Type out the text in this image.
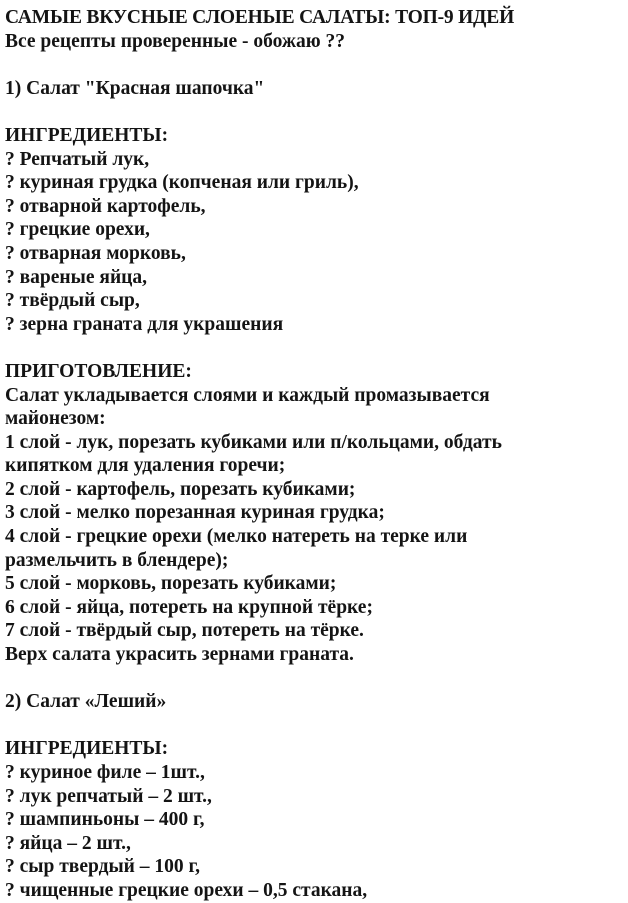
САМЫЕ ВКУСНЫЕ СЛОЕНЫЕ САЛАТЫ: ТОП-9 ИДЕЙ
Все рецепты проверенные - обожаю ??
1) Салат "Красная шапочка"
ИНГРЕДИЕНТЫ:
? Репчатый лук,
? куриная грудка (копченая или гриль),
? отварной картофель,
? грецкие орехи,
? отварная морковь,
? вареные яйца,
? твёрдый сыр,
? зерна граната для украшения
ПРИГОТОВЛЕНИЕ:
Салат укладывается слоями и каждый промазывается
майонезом:
1 слой - лук, порезать кубиками или п/кольцами, обдать
кипятком для удаления горечи;
2 слой - картофель, порезать кубиками;
3 слой - мелко порезанная куриная грудка;
4 слой - грецкие орехи (мелко натереть на терке или
размельчить в блендере);
5 слой - морковь, порезать кубиками;
6 слой - яйца, потереть на крупной тёрке;
7 слой - твёрдый сыр, потереть на тёрке.
Верх салата украсить зернами граната.
2) Салат «Леший»
ИНГРЕДИЕНТЫ:
? куриное филе – 1шт.,
? лук репчатый – 2 шт.,
? шампиньоны – 400 г,
? яйца – 2 шт.,
? сыр твердый – 100 г,
? чищенные грецкие орехи – 0,5 стакана,
